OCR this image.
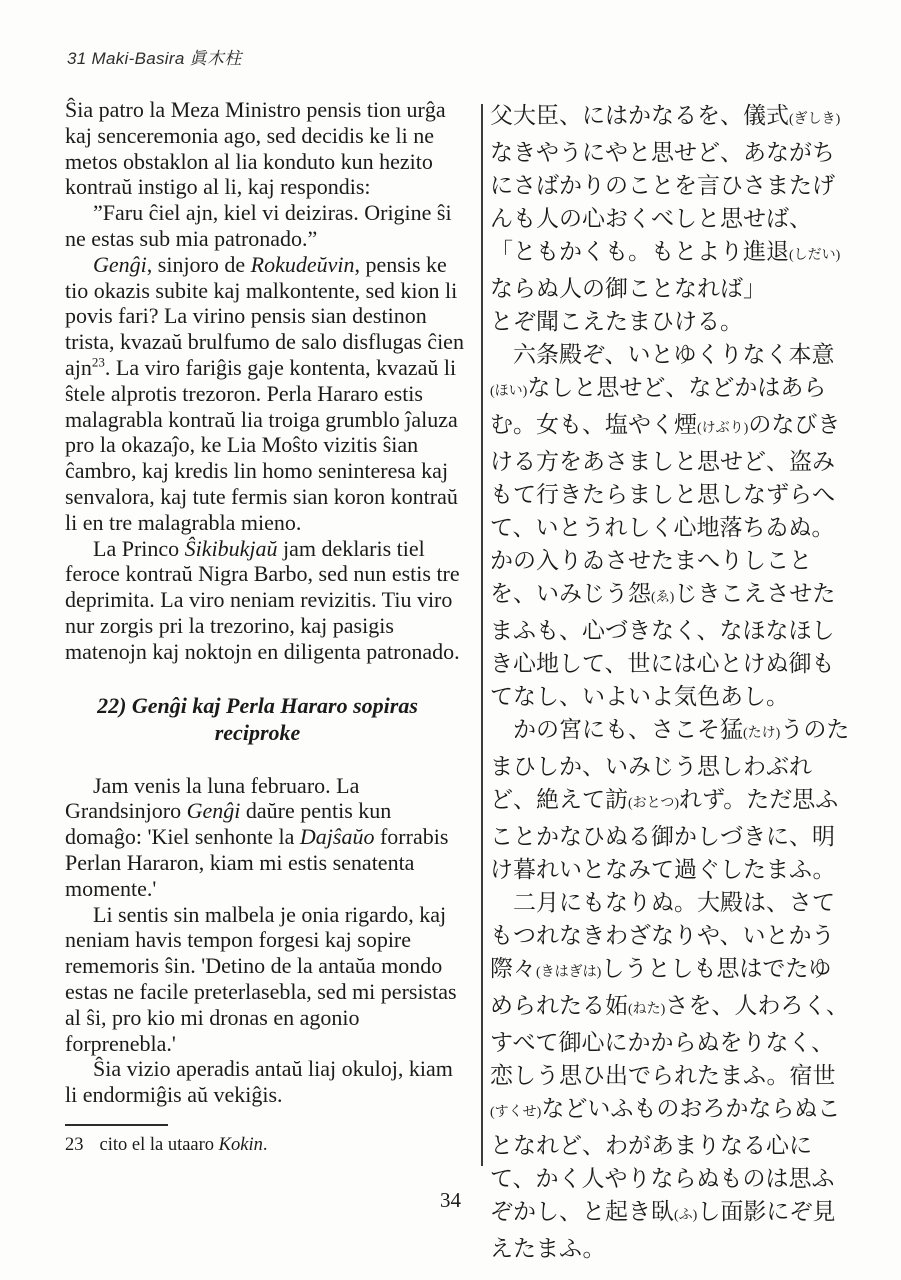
31 Maki-Basira 眞木柱

Ŝia patro la Meza Ministro pensis tion urĝa kaj senceremonia ago, sed decidis ke li ne metos obstaklon al lia konduto kun hezito kontraŭ instigo al li, kaj respondis:

”Faru ĉiel ajn, kiel vi deiziras. Origine ŝi ne estas sub mia patronado.”

Genĝi, sinjoro de Rokudeŭvin, pensis ke tio okazis subite kaj malkontente, sed kion li povis fari? La virino pensis sian destinon trista, kvazaŭ brulfumo de salo disflugas ĉien ajn$^{23}$. La viro fariĝis gaje kontenta, kvazaŭ li ŝtele alprotis trezoron. Perla Hararo estis malagrabla kontraŭ lia troiga grumblo ĵaluza pro la okazaĵo, ke Lia Moŝto vizitis ŝian ĉambro, kaj kredis lin homo seninteresa kaj senvalora, kaj tute fermis sian koron kontraŭ li en tre malagrabla mieno.

La Princo Ŝikibukjaŭ jam deklaris tiel feroce kontraŭ Nigra Barbo, sed nun estis tre deprimita. La viro neniam revizitis. Tiu viro nur zorgis pri la trezorino, kaj pasigis matenojn kaj noktojn en diligenta patronado.

22) Genĝi kaj Perla Hararo sopiras reciproke

Jam venis la luna februaro. La Grandsinjoro Genĝi daŭre pentis kun domaĝo: 'Kiel senhonte la Dajŝaŭo forrabis Perlan Hararon, kiam mi estis senatenta momente.'

Li sentis sin malbela je onia rigardo, kaj neniam havis tempon forgesi kaj sopire rememoris ŝin. 'Detino de la antaŭa mondo estas ne facile preterlasebla, sed mi persistas al ŝi, pro kio mi dronas en agonio forprenebla.'

Ŝia vizio aperadis antaŭ liaj okuloj, kiam li endormiĝis aŭ vekiĝis.

23 cito el la utaaro Kokin.

父大臣、にはかなるを、儀式(ぎしき)なきやうにやと思せど、あながちにさばかりのことを言ひさまたげんも人の心おくべしと思せば、

「ともかくも。もとより進退(しだい)ならぬ人の御ことなれば」

とぞ聞こえたまひける。

六条殿ぞ、いとゆくりなく本意(ほい)なしと思せど、などかはあらむ。女も、塩やく煙(けぶり)のなびきける方をあさましと思せど、盗みもて行きたらましと思しなずらへて、いとうれしく心地落ちゐぬ。かの入りゐさせたまへりしことを、いみじう怨(ゑ)じきこえさせたまふも、心づきなく、なほなほしき心地して、世には心とけぬ御もてなし、いよいよ気色あし。

かの宮にも、さこそ猛(たけ)うのたまひしか、いみじう思しわぶれど、絶えて訪(おとつ)れず。ただ思ふことかなひぬる御かしづきに、明け暮れいとなみて過ぐしたまふ。

二月にもなりぬ。大殿は、さてもつれなきわざなりや、いとかう際々(きはぎは)しうとしも思はでたゆめられたる妬(ねた)さを、人わろく、すべて御心にかからぬをりなく、恋しう思ひ出でられたまふ。宿世(すくせ)などいふものおろかならぬことなれど、わがあまりなる心にて、かく人やりならぬものは思ふぞかし、と起き臥(ふ)し面影にぞ見えたまふ。

34
